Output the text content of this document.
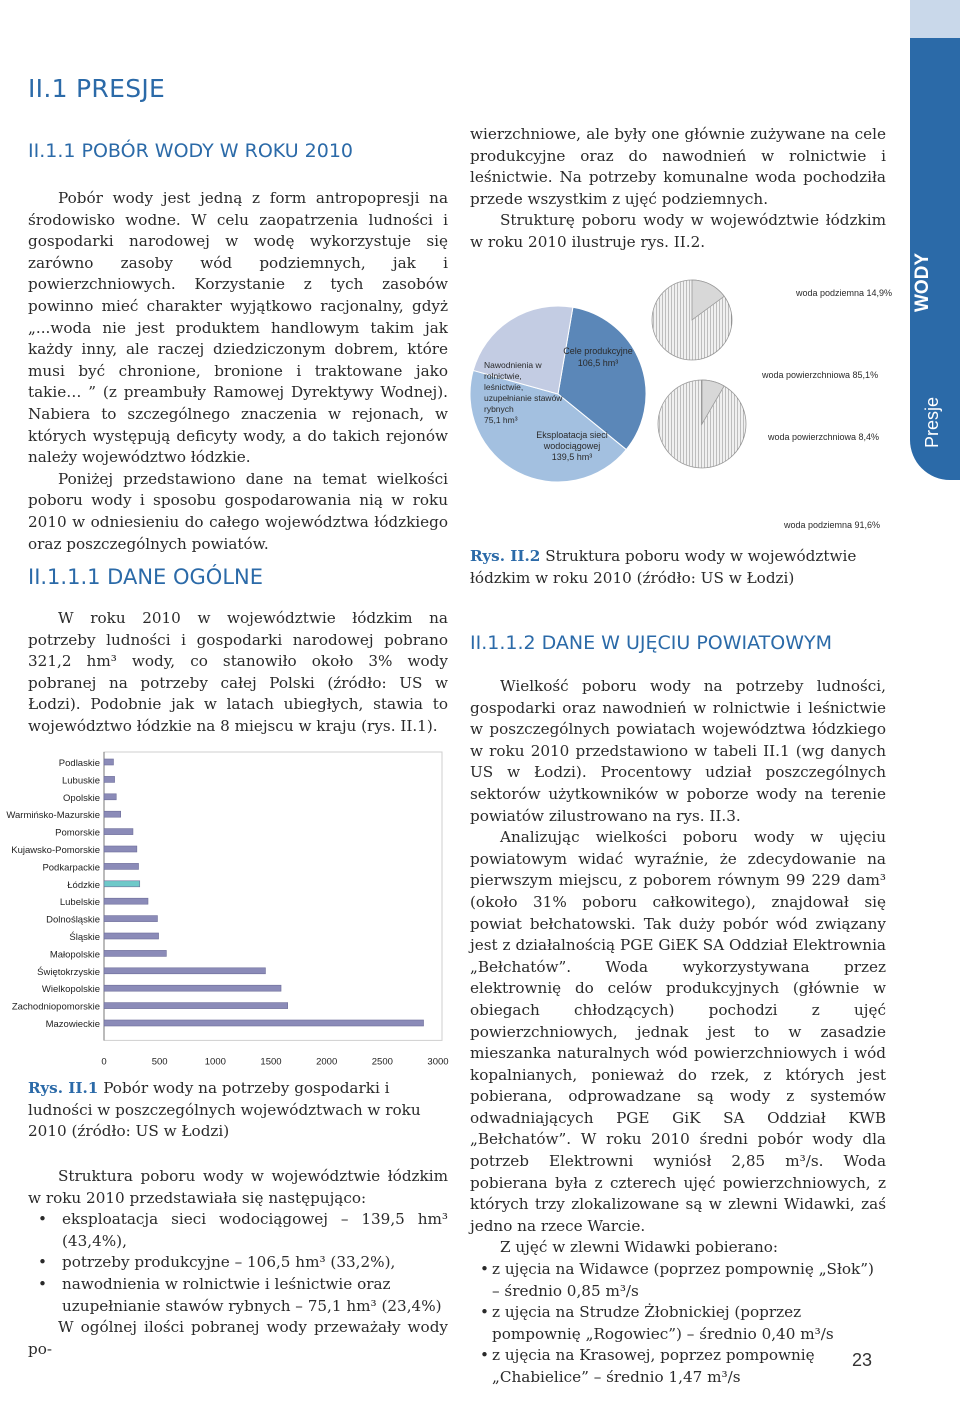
WODY
Presje
II.1 PRESJE
II.1.1 POBÓR WODY W ROKU 2010

Pobór wody jest jedną z form antropopresji na środowisko wodne. W celu zaopatrzenia ludności i gospodarki narodowej w wodę wykorzystuje się zarówno zasoby wód podziemnych, jak i powierzchniowych. Korzystanie z tych zasobów powinno mieć charakter wyjątkowo racjonalny, gdyż „...woda nie jest produktem handlowym takim jak każdy inny, ale raczej dziedziczonym dobrem, które musi być chronione, bronione i traktowane jako takie… ” (z preambuły Ramowej Dyrektywy Wodnej). Nabiera to szczególnego znaczenia w rejonach, w których występują deficyty wody, a do takich rejonów należy województwo łódzkie.

Poniżej przedstawiono dane na temat wielkości poboru wody i sposobu gospodarowania nią w roku 2010 w odniesieniu do całego województwa łódzkiego oraz poszczególnych powiatów.

II.1.1.1 DANE OGÓLNE

W roku 2010 w województwie łódzkim na potrzeby ludności i gospodarki narodowej pobrano 321,2 hm³ wody, co stanowiło około 3% wody pobranej na potrzeby całej Polski (źródło: US w Łodzi). Podobnie jak w latach ubiegłych, stawia to województwo łódzkie na 8 miejscu w kraju (rys. II.1).

Podlaskie
Lubuskie
Opolskie
Warmińsko-Mazurskie
Pomorskie
Kujawsko-Pomorskie
Podkarpackie
Łódzkie
Lubelskie
Dolnośląskie
Śląskie
Małopolskie
Świętokrzyskie
Wielkopolskie
Zachodniopomorskie
Mazowieckie
0	500	1000	1500	2000	2500	3000
Rys. II.1 Pobór wody na potrzeby gospodarki i ludności w poszczególnych województwach w roku 2010 (źródło: US w Łodzi)

Struktura poboru wody w województwie łódzkim w roku 2010 przedstawiała się następująco:

• eksploatacja sieci wodociągowej – 139,5 hm³ (43,4%),
• potrzeby produkcyjne – 106,5 hm³ (33,2%),
• nawodnienia w rolnictwie i leśnictwie oraz uzupełnianie stawów rybnych – 75,1 hm³ (23,4%)

W ogólnej ilości pobranej wody przeważały wody po-

wierzchniowe, ale były one głównie zużywane na cele produkcyjne oraz do nawodnień w rolnictwie i leśnictwie. Na potrzeby komunalne woda pochodziła przede wszystkim z ujęć podziemnych.

Strukturę poboru wody w województwie łódzkim w roku 2010 ilustruje rys. II.2.

Cele produkcyjne
106,5 hm³
Eksploatacja sieci wodociągowej
139,5 hm³
Nawodnienia w rolnictwie, leśnictwie, uzupełnianie stawów rybnych
75,1 hm³
woda podziemna 14,9%
woda powierzchniowa 85,1%
woda powierzchniowa 8,4%
woda podziemna 91,6%
Rys. II.2 Struktura poboru wody w województwie łódzkim w roku 2010 (źródło: US w Łodzi)
II.1.1.2 DANE W UJĘCIU POWIATOWYM

Wielkość poboru wody na potrzeby ludności, gospodarki oraz nawodnień w rolnictwie i leśnictwie w poszczególnych powiatach województwa łódzkiego w roku 2010 przedstawiono w tabeli II.1 (wg danych US w Łodzi). Procentowy udział poszczególnych sektorów użytkowników w poborze wody na terenie powiatów zilustrowano na rys. II.3.

Analizując wielkości poboru wody w ujęciu powiatowym widać wyraźnie, że zdecydowanie na pierwszym miejscu, z poborem równym 99 229 dam³ (około 31% poboru całkowitego), znajdował się powiat bełchatowski. Tak duży pobór wód związany jest z działalnością PGE GiEK SA Oddział Elektrownia „Bełchatów”. Woda wykorzystywana przez elektrownię do celów produkcyjnych (głównie w obiegach chłodzących) pochodzi z ujęć powierzchniowych, jednak jest to w zasadzie mieszanka naturalnych wód powierzchniowych i wód kopalnianych, ponieważ do rzek, z których jest pobierana, odprowadzane są wody z systemów odwadniających PGE GiK SA Oddział KWB „Bełchatów”. W roku 2010 średni pobór wody dla potrzeb Elektrowni wyniósł 2,85 m³/s. Woda pobierana była z czterech ujęć powierzchniowych, z których trzy zlokalizowane są w zlewni Widawki, zaś jedno na rzece Warcie.

Z ujęć w zlewni Widawki pobierano:

• z ujęcia na Widawce (poprzez pompownię „Słok”) – średnio 0,85 m³/s
• z ujęcia na Strudze Żłobnickiej (poprzez pompownię „Rogowiec”) – średnio 0,40 m³/s
• z ujęcia na Krasowej, poprzez pompownię „Chabielice” – średnio 1,47 m³/s
23
